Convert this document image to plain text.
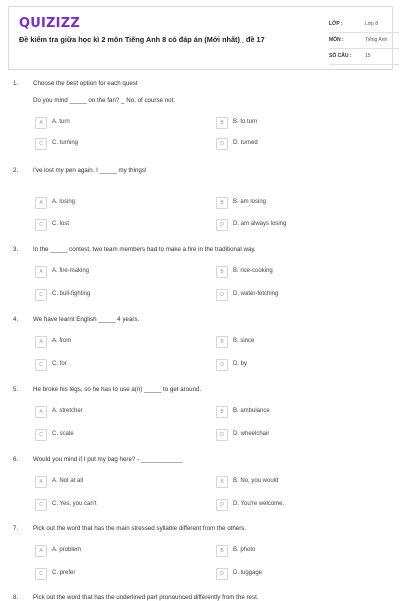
QUIZIZZ
Đề kiểm tra giữa học kì 2 môn Tiếng Anh 8 có đáp án (Mới nhất)_ đề 17
LỚP :	Lớp 8
MÔN :	Tiếng Anh
SỐ CÂU :	15
1. Choose the best option for each quest
Do you mind _____ on the fan? _ No, of course not.
A	A. turn	B	B. to turn
C	C. turning	D	D. turned
2. I've lost my pen again. I _____ my things!
A	A. losing	B	B. am losing
C	C. lost	D	D. am always losing
3. In the _____ contest, two team members had to make a fire in the traditional way.
A	A. fire-making	B	B. rice-cooking
C	C. bull-fighting	D	D. water-fetching
4. We have learnt English _____ 4 years.
A	A. from	B	B. since
C	C. for	D	D. by
5. He broke his legs, so he has to use a(n) _____ to get around.
A	A. stretcher	B	B. ambulance
C	C. scale	D	D. wheelchair
6. Would you mind if I put my bag here? - ____________
A	A. Not at all	B	B. No, you would
C	C. Yes, you can't	D	D. You're welcome.
7. Pick out the word that has the main stressed syllable different from the others.
A	A. problem	B	B. photo
C	C. prefer	D	D. luggage
8. Pick out the word that has the underlined part pronounced differently from the rest.
